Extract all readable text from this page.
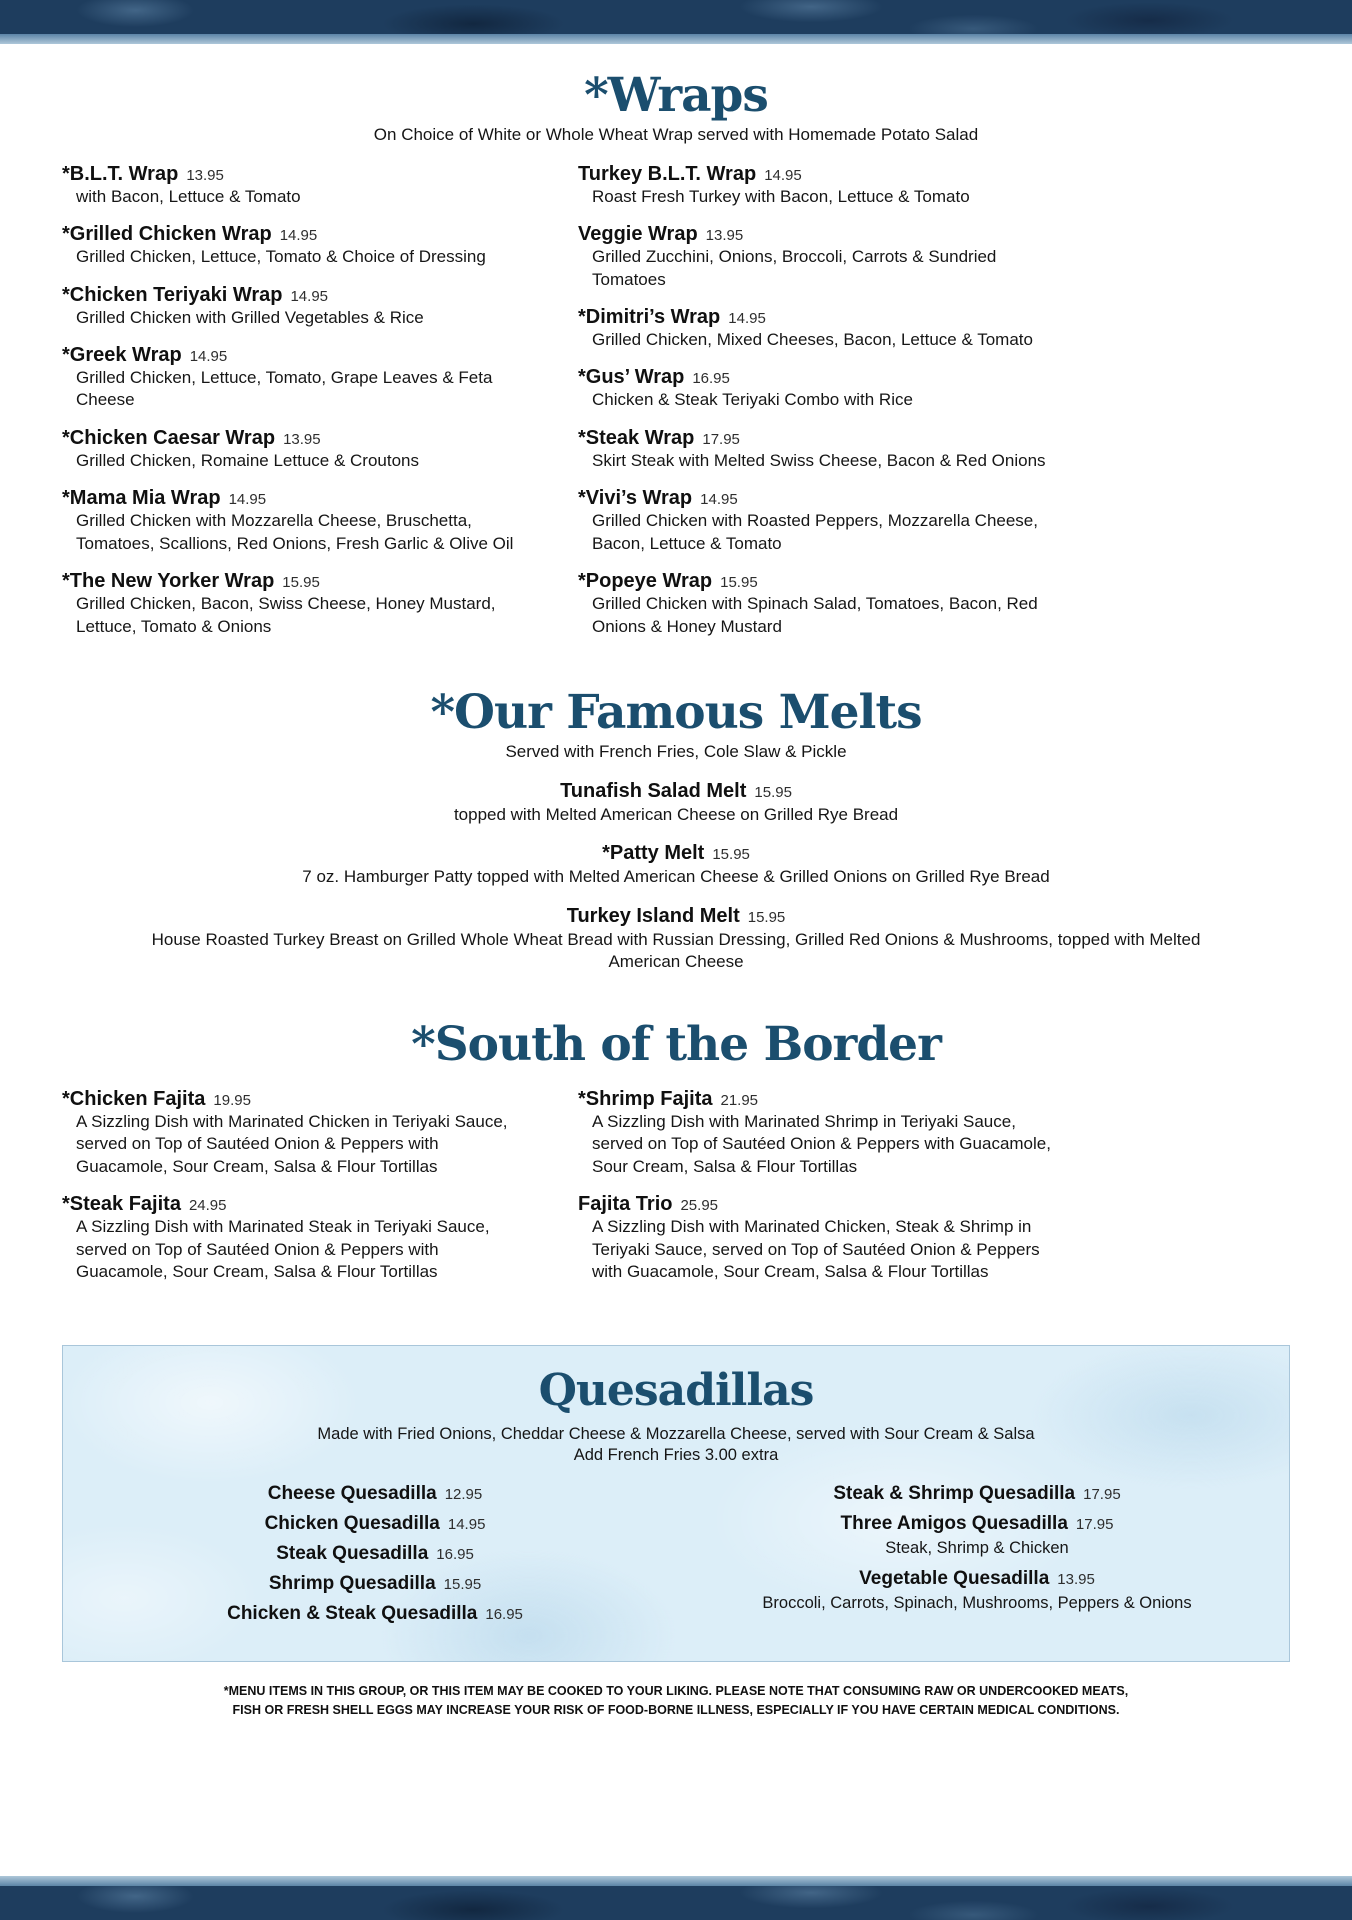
*Wraps

On Choice of White or Whole Wheat Wrap served with Homemade Potato Salad

*B.L.T. Wrap 13.95
with Bacon, Lettuce & Tomato
*Grilled Chicken Wrap 14.95
Grilled Chicken, Lettuce, Tomato & Choice of Dressing
*Chicken Teriyaki Wrap 14.95
Grilled Chicken with Grilled Vegetables & Rice
*Greek Wrap 14.95
Grilled Chicken, Lettuce, Tomato, Grape Leaves & Feta Cheese
*Chicken Caesar Wrap 13.95
Grilled Chicken, Romaine Lettuce & Croutons
*Mama Mia Wrap 14.95
Grilled Chicken with Mozzarella Cheese, Bruschetta, Tomatoes, Scallions, Red Onions, Fresh Garlic & Olive Oil
*The New Yorker Wrap 15.95
Grilled Chicken, Bacon, Swiss Cheese, Honey Mustard, Lettuce, Tomato & Onions
Turkey B.L.T. Wrap 14.95
Roast Fresh Turkey with Bacon, Lettuce & Tomato
Veggie Wrap 13.95
Grilled Zucchini, Onions, Broccoli, Carrots & Sundried Tomatoes
*Dimitri’s Wrap 14.95
Grilled Chicken, Mixed Cheeses, Bacon, Lettuce & Tomato
*Gus’ Wrap 16.95
Chicken & Steak Teriyaki Combo with Rice
*Steak Wrap 17.95
Skirt Steak with Melted Swiss Cheese, Bacon & Red Onions
*Vivi’s Wrap 14.95
Grilled Chicken with Roasted Peppers, Mozzarella Cheese, Bacon, Lettuce & Tomato
*Popeye Wrap 15.95
Grilled Chicken with Spinach Salad, Tomatoes, Bacon, Red Onions & Honey Mustard
*Our Famous Melts

Served with French Fries, Cole Slaw & Pickle

Tunafish Salad Melt 15.95
topped with Melted American Cheese on Grilled Rye Bread
*Patty Melt 15.95
7 oz. Hamburger Patty topped with Melted American Cheese & Grilled Onions on Grilled Rye Bread
Turkey Island Melt 15.95
House Roasted Turkey Breast on Grilled Whole Wheat Bread with Russian Dressing, Grilled Red Onions & Mushrooms, topped with Melted American Cheese
*South of the Border
*Chicken Fajita 19.95
A Sizzling Dish with Marinated Chicken in Teriyaki Sauce, served on Top of Sautéed Onion & Peppers with Guacamole, Sour Cream, Salsa & Flour Tortillas
*Steak Fajita 24.95
A Sizzling Dish with Marinated Steak in Teriyaki Sauce, served on Top of Sautéed Onion & Peppers with Guacamole, Sour Cream, Salsa & Flour Tortillas
*Shrimp Fajita 21.95
A Sizzling Dish with Marinated Shrimp in Teriyaki Sauce, served on Top of Sautéed Onion & Peppers with Guacamole, Sour Cream, Salsa & Flour Tortillas
Fajita Trio 25.95
A Sizzling Dish with Marinated Chicken, Steak & Shrimp in Teriyaki Sauce, served on Top of Sautéed Onion & Peppers with Guacamole, Sour Cream, Salsa & Flour Tortillas
Quesadillas

Made with Fried Onions, Cheddar Cheese & Mozzarella Cheese, served with Sour Cream & Salsa

Add French Fries 3.00 extra

Cheese Quesadilla 12.95
Chicken Quesadilla 14.95
Steak Quesadilla 16.95
Shrimp Quesadilla 15.95
Chicken & Steak Quesadilla 16.95
Steak & Shrimp Quesadilla 17.95
Three Amigos Quesadilla 17.95
Steak, Shrimp & Chicken
Vegetable Quesadilla 13.95
Broccoli, Carrots, Spinach, Mushrooms, Peppers & Onions
*MENU ITEMS IN THIS GROUP, OR THIS ITEM MAY BE COOKED TO YOUR LIKING. PLEASE NOTE THAT CONSUMING RAW OR UNDERCOOKED MEATS,
FISH OR FRESH SHELL EGGS MAY INCREASE YOUR RISK OF FOOD-BORNE ILLNESS, ESPECIALLY IF YOU HAVE CERTAIN MEDICAL CONDITIONS.
